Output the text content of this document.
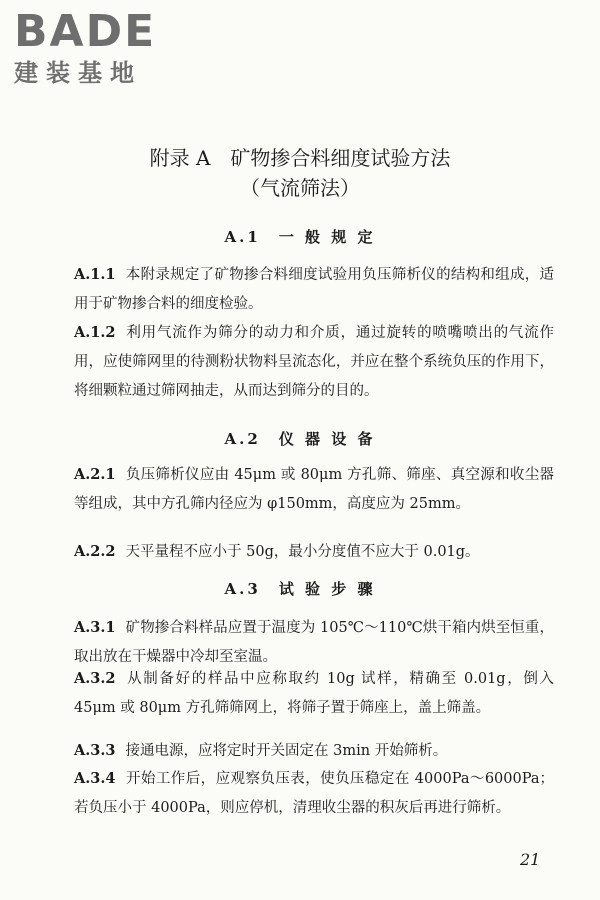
BADE
建装基地
附录 A　矿物掺合料细度试验方法
（气流筛法）
A.1　一 般 规 定
A.1.1 本附录规定了矿物掺合料细度试验用负压筛析仪的结构和组成，适用于矿物掺合料的细度检验。
A.1.2 利用气流作为筛分的动力和介质，通过旋转的喷嘴喷出的气流作用，应使筛网里的待测粉状物料呈流态化，并应在整个系统负压的作用下，将细颗粒通过筛网抽走，从而达到筛分的目的。
A.2　仪 器 设 备
A.2.1 负压筛析仪应由 45μm 或 80μm 方孔筛、筛座、真空源和收尘器等组成，其中方孔筛内径应为 φ150mm，高度应为 25mm。
A.2.2 天平量程不应小于 50g，最小分度值不应大于 0.01g。
A.3　试 验 步 骤
A.3.1 矿物掺合料样品应置于温度为 105℃～110℃烘干箱内烘至恒重，取出放在干燥器中冷却至室温。
A.3.2 从制备好的样品中应称取约 10g 试样，精确至 0.01g，倒入 45μm 或 80μm 方孔筛筛网上，将筛子置于筛座上，盖上筛盖。
A.3.3 接通电源，应将定时开关固定在 3min 开始筛析。
A.3.4 开始工作后，应观察负压表，使负压稳定在 4000Pa～6000Pa；若负压小于 4000Pa，则应停机，清理收尘器的积灰后再进行筛析。
21
